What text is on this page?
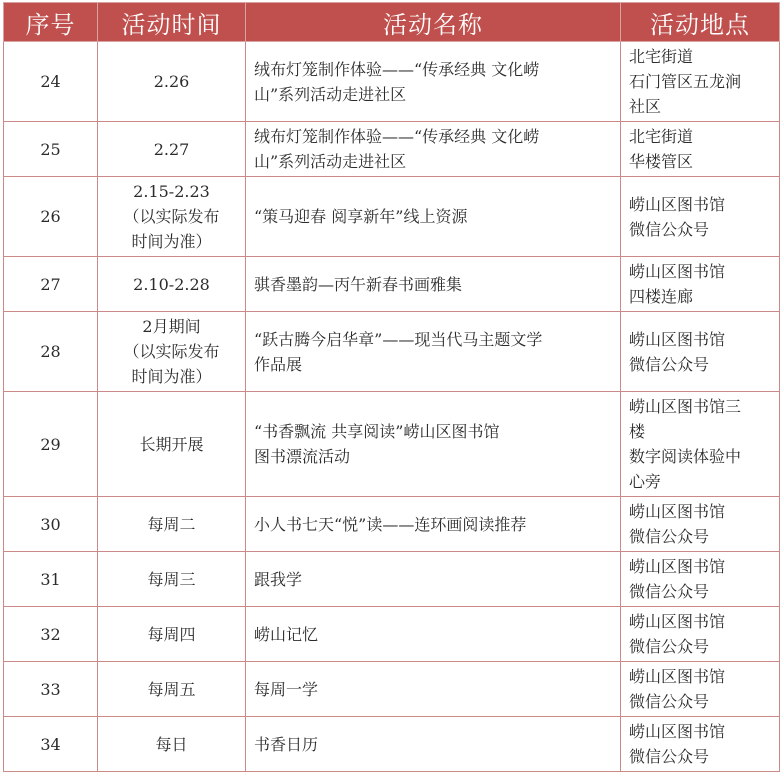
序号	活动时间	活动名称	活动地点

24	2.26	绒布灯笼制作体验——“传承经典 文化崂
山”系列活动走进社区	北宅街道
石门管区五龙涧
社区

25	2.27	绒布灯笼制作体验——“传承经典 文化崂
山”系列活动走进社区	北宅街道
华楼管区

26	2.15-2.23
（以实际发布
时间为准）	“策马迎春 阅享新年”线上资源	崂山区图书馆
微信公众号

27	2.10-2.28	骐香墨韵—丙午新春书画雅集	崂山区图书馆
四楼连廊

28	2月期间
（以实际发布
时间为准）	“跃古腾今启华章”——现当代马主题文学
作品展	崂山区图书馆
微信公众号

29	长期开展	“书香飘流 共享阅读”崂山区图书馆
图书漂流活动	崂山区图书馆三
楼
数字阅读体验中
心旁

30	每周二	小人书七天“悦”读——连环画阅读推荐	崂山区图书馆
微信公众号

31	每周三	跟我学	崂山区图书馆
微信公众号

32	每周四	崂山记忆	崂山区图书馆
微信公众号

33	每周五	每周一学	崂山区图书馆
微信公众号

34	每日	书香日历	崂山区图书馆
微信公众号
